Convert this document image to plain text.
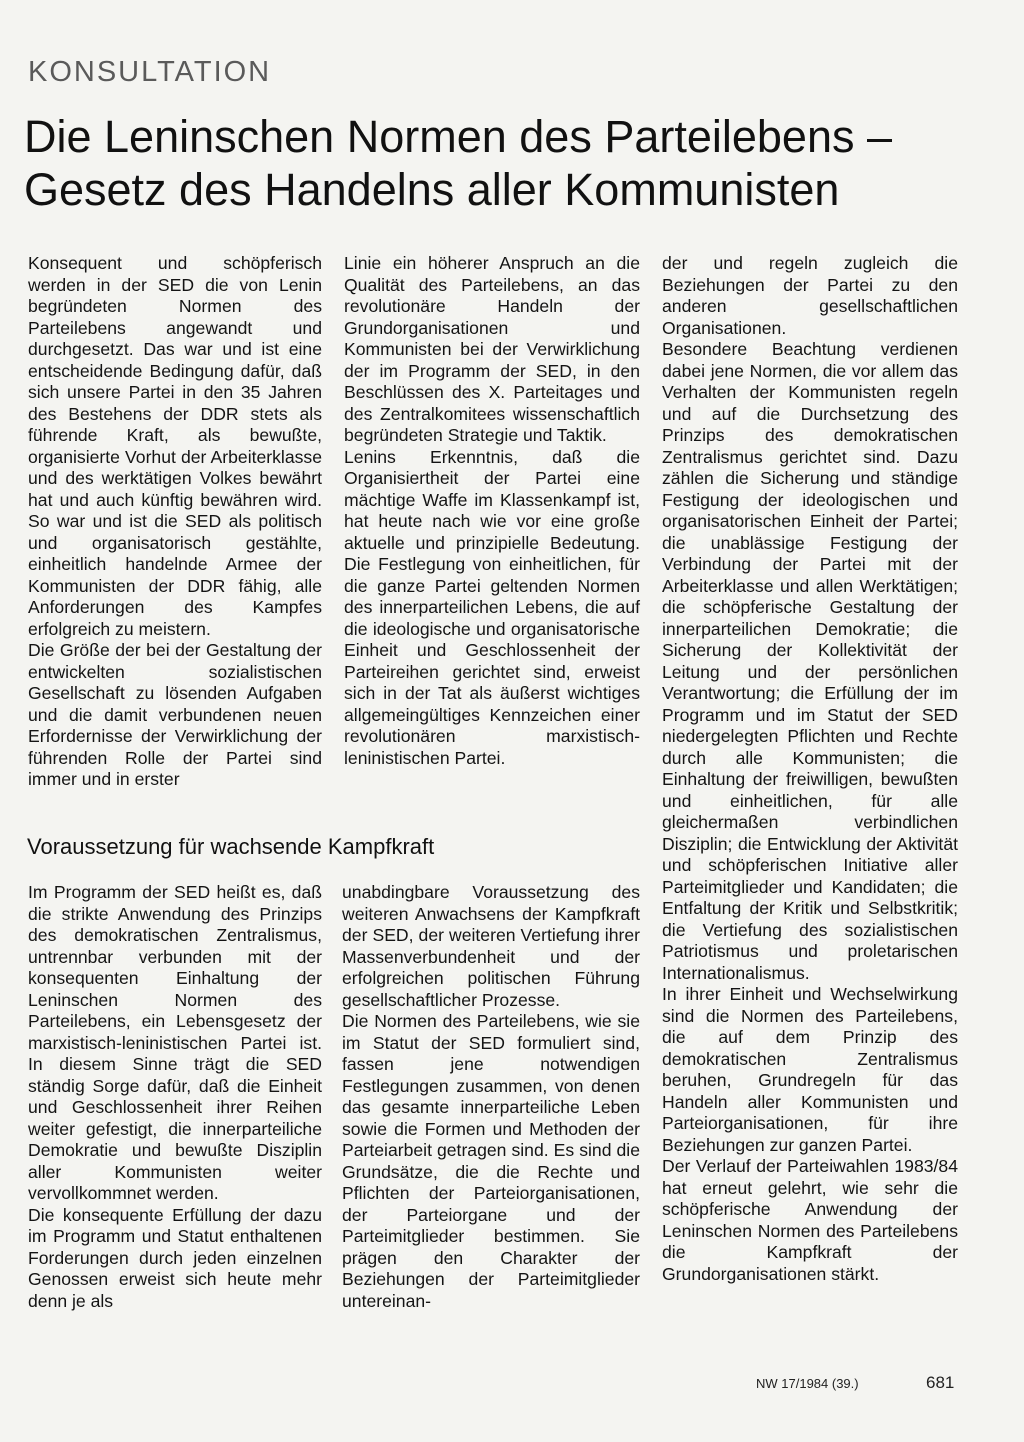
KONSULTATION
Die Leninschen Normen des Parteilebens –
Gesetz des Handelns aller Kommunisten

Konsequent und schöpferisch werden in der SED die von Lenin begründeten Normen des Parteilebens angewandt und durchgesetzt. Das war und ist eine entscheidende Bedingung dafür, daß sich unsere Partei in den 35 Jahren des Bestehens der DDR stets als führende Kraft, als bewußte, organisierte Vorhut der Arbeiterklasse und des werktätigen Volkes bewährt hat und auch künftig bewähren wird. So war und ist die SED als politisch und organisatorisch gestählte, einheitlich handelnde Armee der Kommunisten der DDR fähig, alle Anforderungen des Kampfes erfolgreich zu meistern.

Die Größe der bei der Gestaltung der entwickelten sozialistischen Gesellschaft zu lösenden Aufgaben und die damit verbundenen neuen Erfordernisse der Verwirklichung der führenden Rolle der Partei sind immer und in erster

Linie ein höherer Anspruch an die Qualität des Parteilebens, an das revolutionäre Handeln der Grundorganisationen und Kommunisten bei der Verwirklichung der im Programm der SED, in den Beschlüssen des X. Parteitages und des Zentralkomitees wissenschaftlich begründeten Strategie und Taktik.

Lenins Erkenntnis, daß die Organisiertheit der Partei eine mächtige Waffe im Klassenkampf ist, hat heute nach wie vor eine große aktuelle und prinzipielle Bedeutung. Die Festlegung von einheitlichen, für die ganze Partei geltenden Normen des innerparteilichen Lebens, die auf die ideologische und organisatorische Einheit und Geschlossenheit der Parteireihen gerichtet sind, erweist sich in der Tat als äußerst wichtiges allgemeingültiges Kennzeichen einer revolutionären marxistisch-leninistischen Partei.

der und regeln zugleich die Beziehungen der Partei zu den anderen gesellschaftlichen Organisationen.

Besondere Beachtung verdienen dabei jene Normen, die vor allem das Verhalten der Kommunisten regeln und auf die Durchsetzung des Prinzips des demokratischen Zentralismus gerichtet sind. Dazu zählen die Sicherung und ständige Festigung der ideologischen und organisatorischen Einheit der Partei; die unablässige Festigung der Verbindung der Partei mit der Arbeiterklasse und allen Werktätigen; die schöpferische Gestaltung der innerparteilichen Demokratie; die Sicherung der Kollektivität der Leitung und der persönlichen Verantwortung; die Erfüllung der im Programm und im Statut der SED niedergelegten Pflichten und Rechte durch alle Kommunisten; die Einhaltung der freiwilligen, bewußten und einheitlichen, für alle gleichermaßen verbindlichen Disziplin; die Entwicklung der Aktivität und schöpferischen Initiative aller Parteimitglieder und Kandidaten; die Entfaltung der Kritik und Selbstkritik; die Vertiefung des sozialistischen Patriotismus und proletarischen Internationalismus.

In ihrer Einheit und Wechselwirkung sind die Normen des Parteilebens, die auf dem Prinzip des demokratischen Zentralismus beruhen, Grundregeln für das Handeln aller Kommunisten und Parteiorganisationen, für ihre Beziehungen zur ganzen Partei.

Der Verlauf der Parteiwahlen 1983/84 hat erneut gelehrt, wie sehr die schöpferische Anwendung der Leninschen Normen des Parteilebens die Kampfkraft der Grundorganisationen stärkt.

Voraussetzung für wachsende Kampfkraft

Im Programm der SED heißt es, daß die strikte Anwendung des Prinzips des demokratischen Zentralismus, untrennbar verbunden mit der konsequenten Einhaltung der Leninschen Normen des Parteilebens, ein Lebensgesetz der marxistisch-leninistischen Partei ist. In diesem Sinne trägt die SED ständig Sorge dafür, daß die Einheit und Geschlossenheit ihrer Reihen weiter gefestigt, die innerparteiliche Demokratie und bewußte Disziplin aller Kommunisten weiter vervollkommnet werden.

Die konsequente Erfüllung der dazu im Programm und Statut enthaltenen Forderungen durch jeden einzelnen Genossen erweist sich heute mehr denn je als

unabdingbare Voraussetzung des weiteren Anwachsens der Kampfkraft der SED, der weiteren Vertiefung ihrer Massenverbundenheit und der erfolgreichen politischen Führung gesellschaftlicher Prozesse.

Die Normen des Parteilebens, wie sie im Statut der SED formuliert sind, fassen jene notwendigen Festlegungen zusammen, von denen das gesamte innerparteiliche Leben sowie die Formen und Methoden der Parteiarbeit getragen sind. Es sind die Grundsätze, die die Rechte und Pflichten der Parteiorganisationen, der Parteiorgane und der Parteimitglieder bestimmen. Sie prägen den Charakter der Beziehungen der Parteimitglieder untereinan-

NW 17/1984 (39.)	681
